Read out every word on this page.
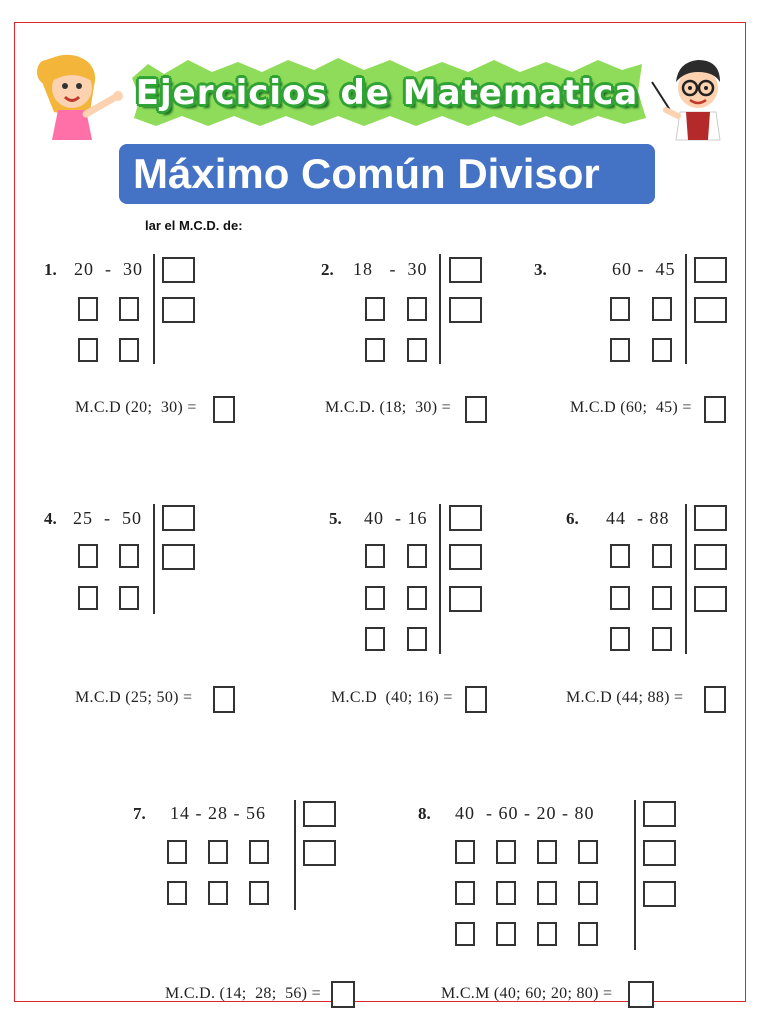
Ejercicios de Matematica
Máximo Común Divisor
lar el M.C.D. de:
1. 20  -  30
M.C.D (20;  30) =
2. 18   -  30
M.C.D. (18;  30) =
3.	60 -  45
M.C.D (60;  45) =
4. 25  -  50
M.C.D (25; 50) =
5. 40  - 16
M.C.D  (40; 16) =
6. 44  - 88
M.C.D (44; 88) =
7. 14 - 28 - 56
M.C.D. (14;  28;  56) =
8. 40  - 60 - 20 - 80
M.C.M (40; 60; 20; 80) =
